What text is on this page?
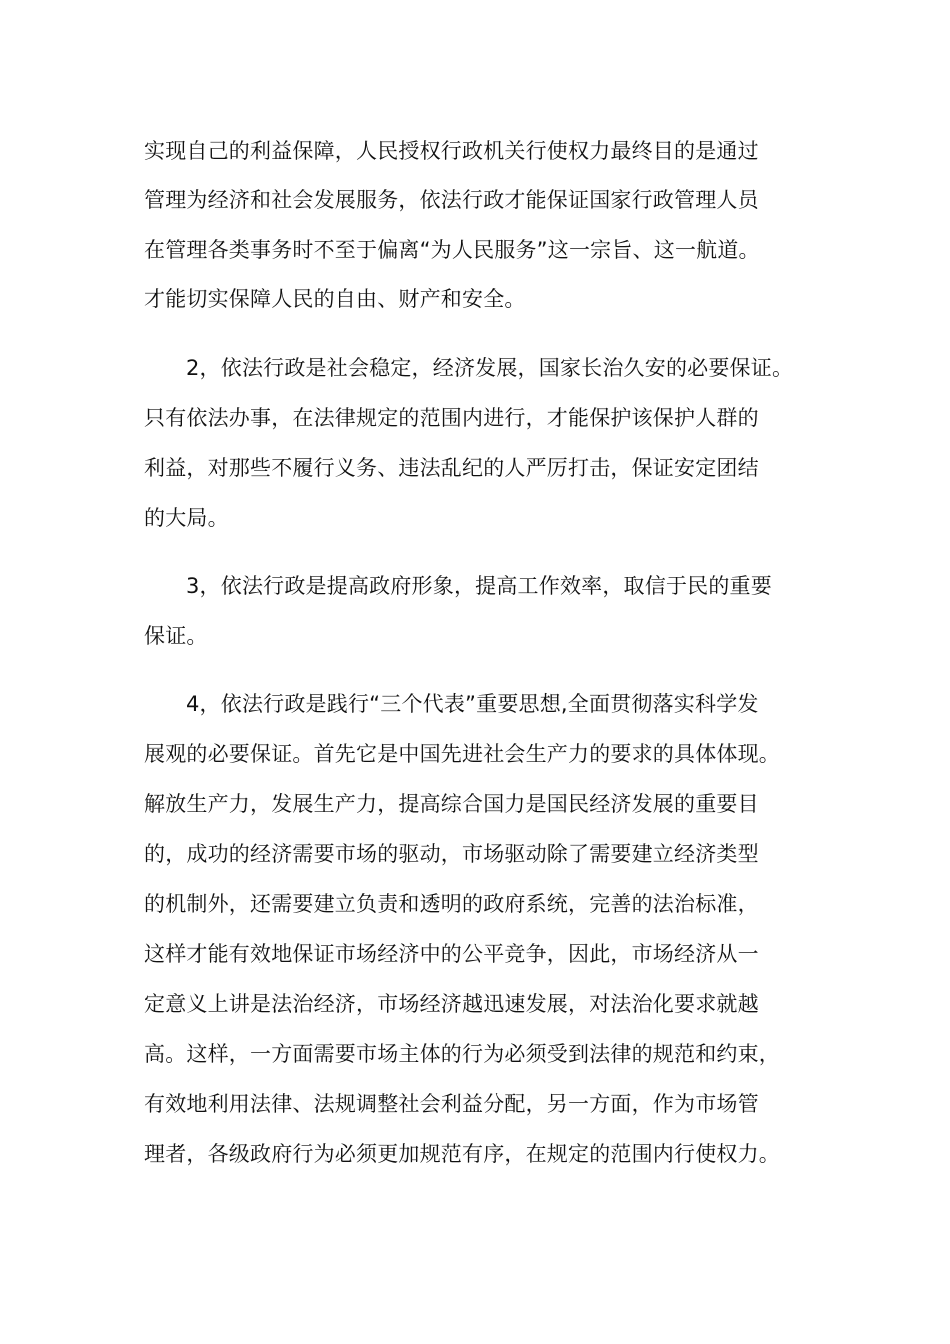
实现自己的利益保障，人民授权行政机关行使权力最终目的是通过
管理为经济和社会发展服务，依法行政才能保证国家行政管理人员
在管理各类事务时不至于偏离“为人民服务”这一宗旨、这一航道。
才能切实保障人民的自由、财产和安全。
2，依法行政是社会稳定，经济发展，国家长治久安的必要保证。
只有依法办事，在法律规定的范围内进行，才能保护该保护人群的
利益，对那些不履行义务、违法乱纪的人严厉打击，保证安定团结
的大局。
3，依法行政是提高政府形象，提高工作效率，取信于民的重要
保证。
4，依法行政是践行“三个代表”重要思想,全面贯彻落实科学发
展观的必要保证。首先它是中国先进社会生产力的要求的具体体现。
解放生产力，发展生产力，提高综合国力是国民经济发展的重要目
的，成功的经济需要市场的驱动，市场驱动除了需要建立经济类型
的机制外，还需要建立负责和透明的政府系统，完善的法治标准，
这样才能有效地保证市场经济中的公平竞争，因此，市场经济从一
定意义上讲是法治经济，市场经济越迅速发展，对法治化要求就越
高。这样，一方面需要市场主体的行为必须受到法律的规范和约束，
有效地利用法律、法规调整社会利益分配，另一方面，作为市场管
理者，各级政府行为必须更加规范有序，在规定的范围内行使权力。
